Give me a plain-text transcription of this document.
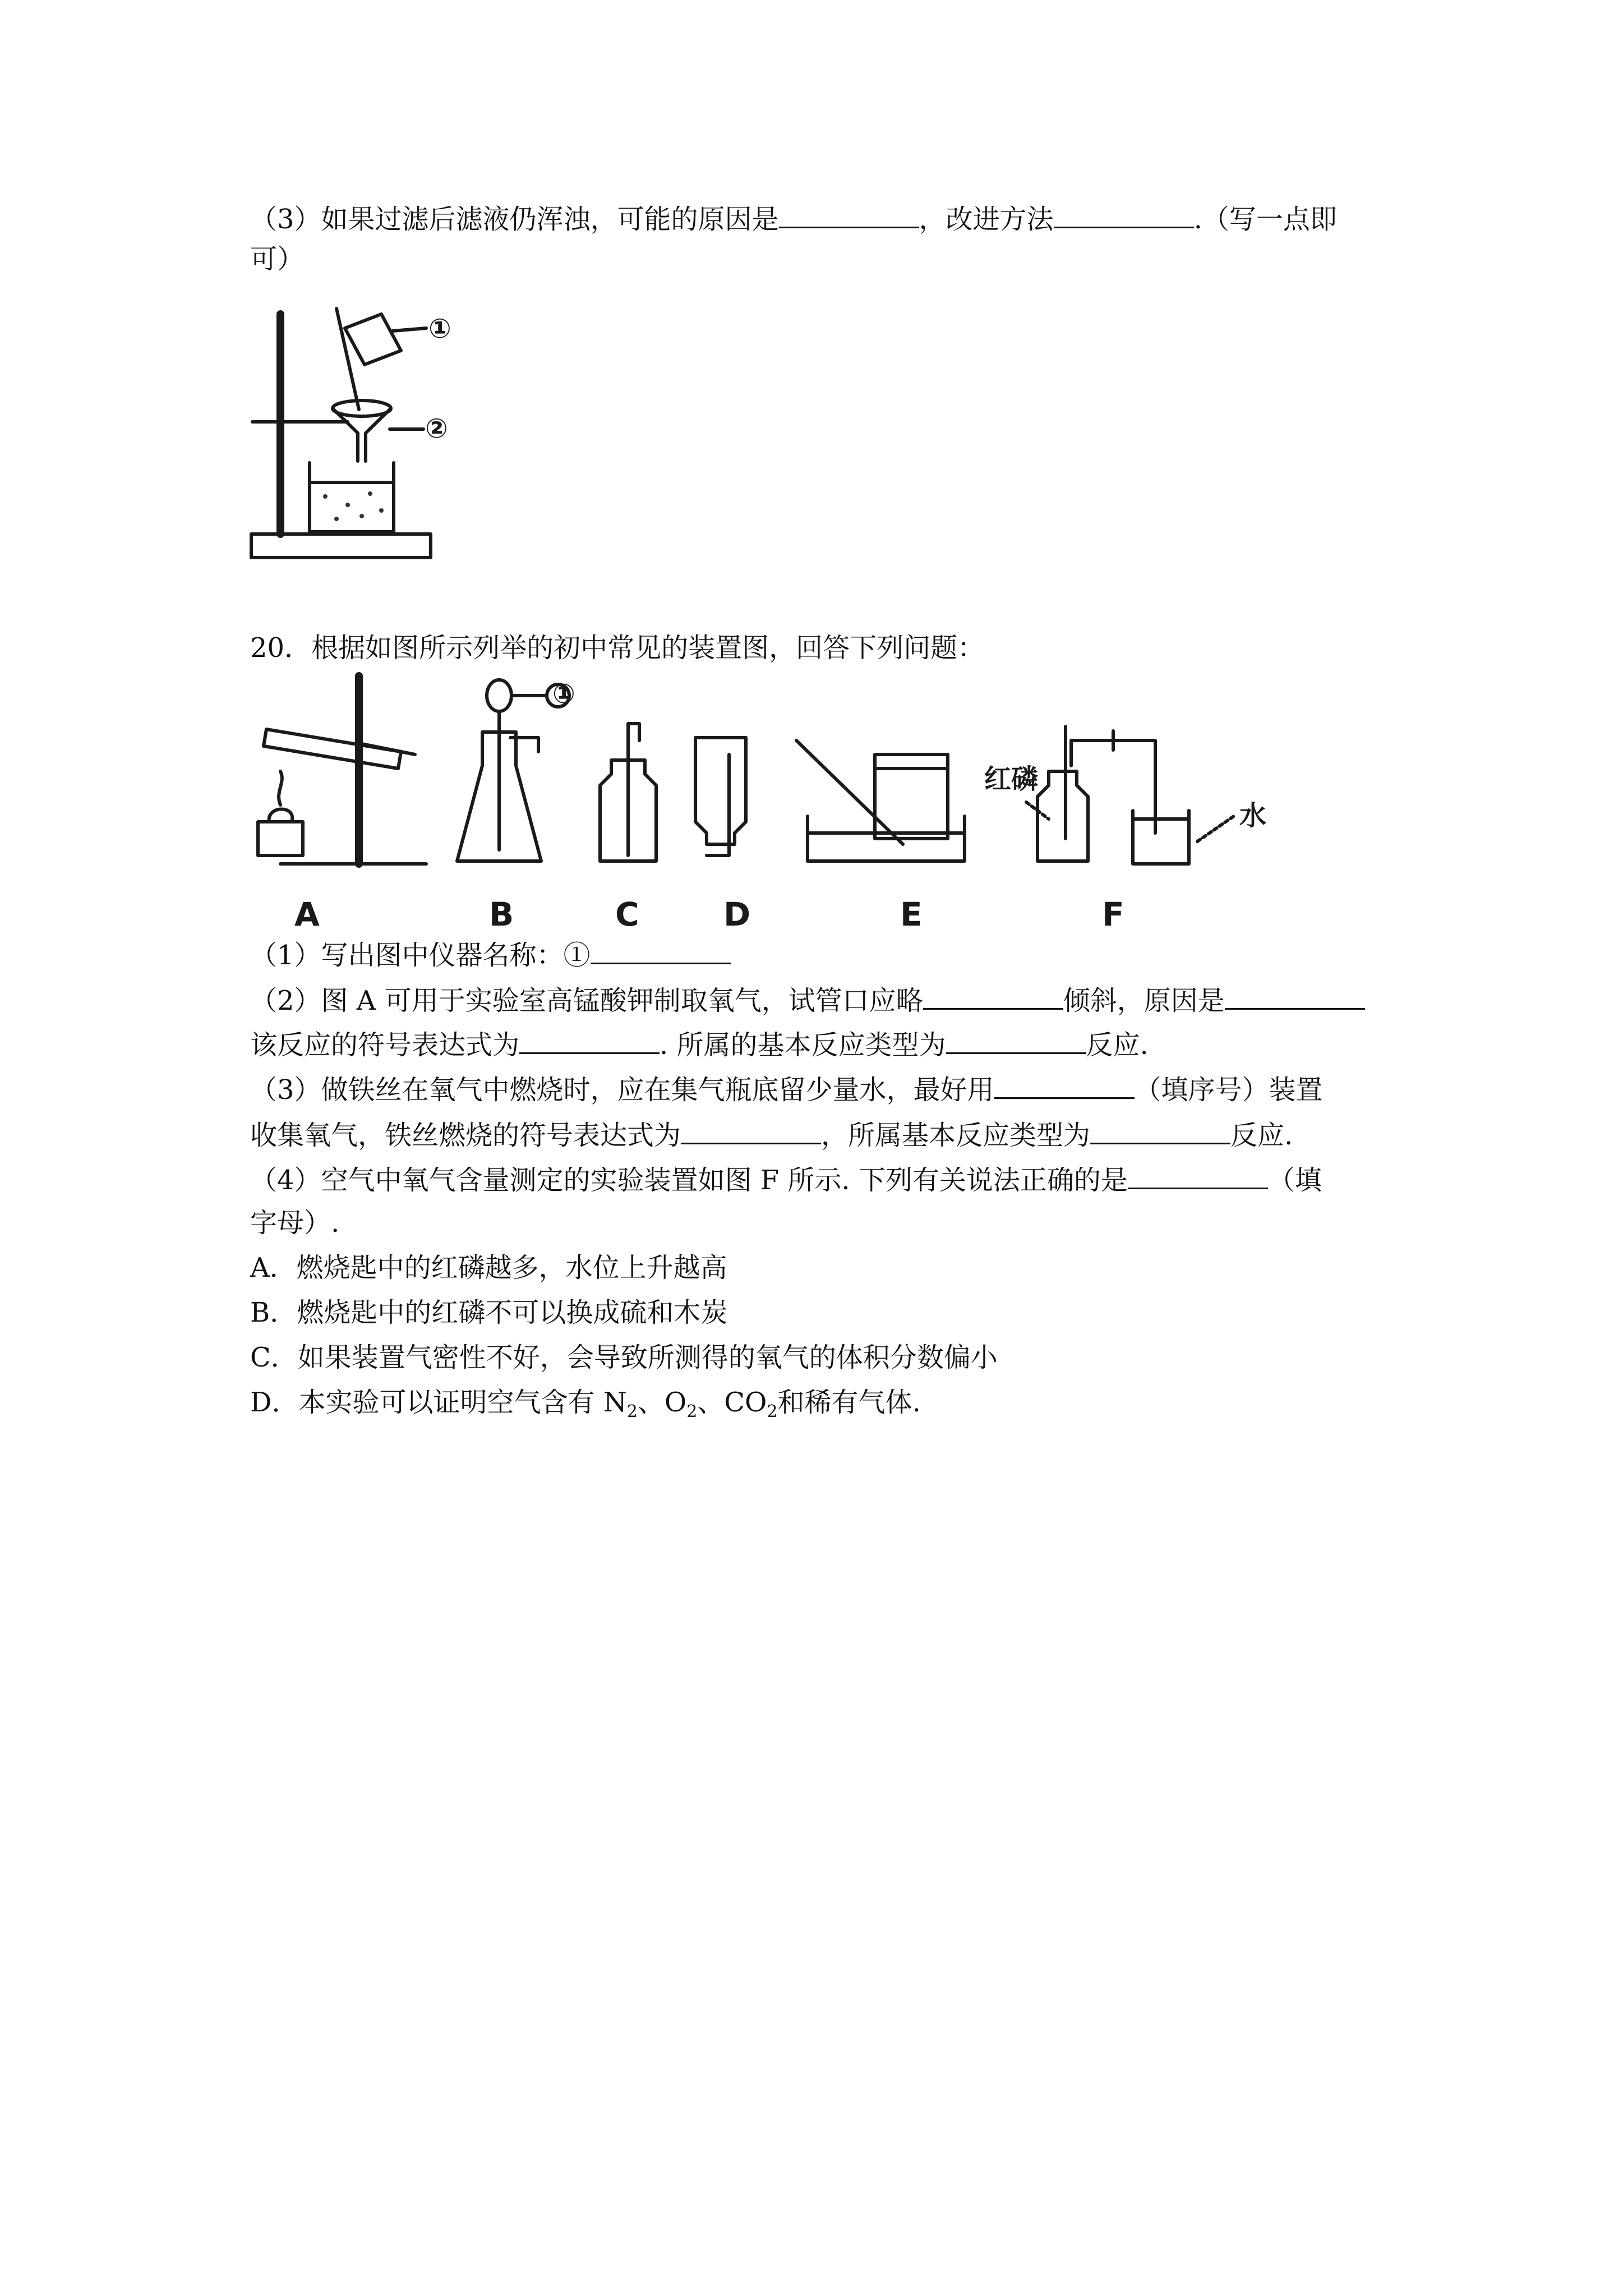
（3）如果过滤后滤液仍浑浊，可能的原因是	，改进方法	.（写一点即
可）
①
②
20．根据如图所示列举的初中常见的装置图，回答下列问题：
A
①
B	C	D	E
红磷
水
F
（1）写出图中仪器名称：①
（2）图 A 可用于实验室高锰酸钾制取氧气，试管口应略	倾斜，原因是
该反应的符号表达式为	. 所属的基本反应类型为	反应.
（3）做铁丝在氧气中燃烧时，应在集气瓶底留少量水，最好用	（填序号）装置
收集氧气，铁丝燃烧的符号表达式为	，所属基本反应类型为	反应.
（4）空气中氧气含量测定的实验装置如图 F 所示. 下列有关说法正确的是	（填
字母）.
A．燃烧匙中的红磷越多，水位上升越高
B．燃烧匙中的红磷不可以换成硫和木炭
C．如果装置气密性不好，会导致所测得的氧气的体积分数偏小
D．本实验可以证明空气含有 $N_2$、$O_2$、$CO_2$和稀有气体.
